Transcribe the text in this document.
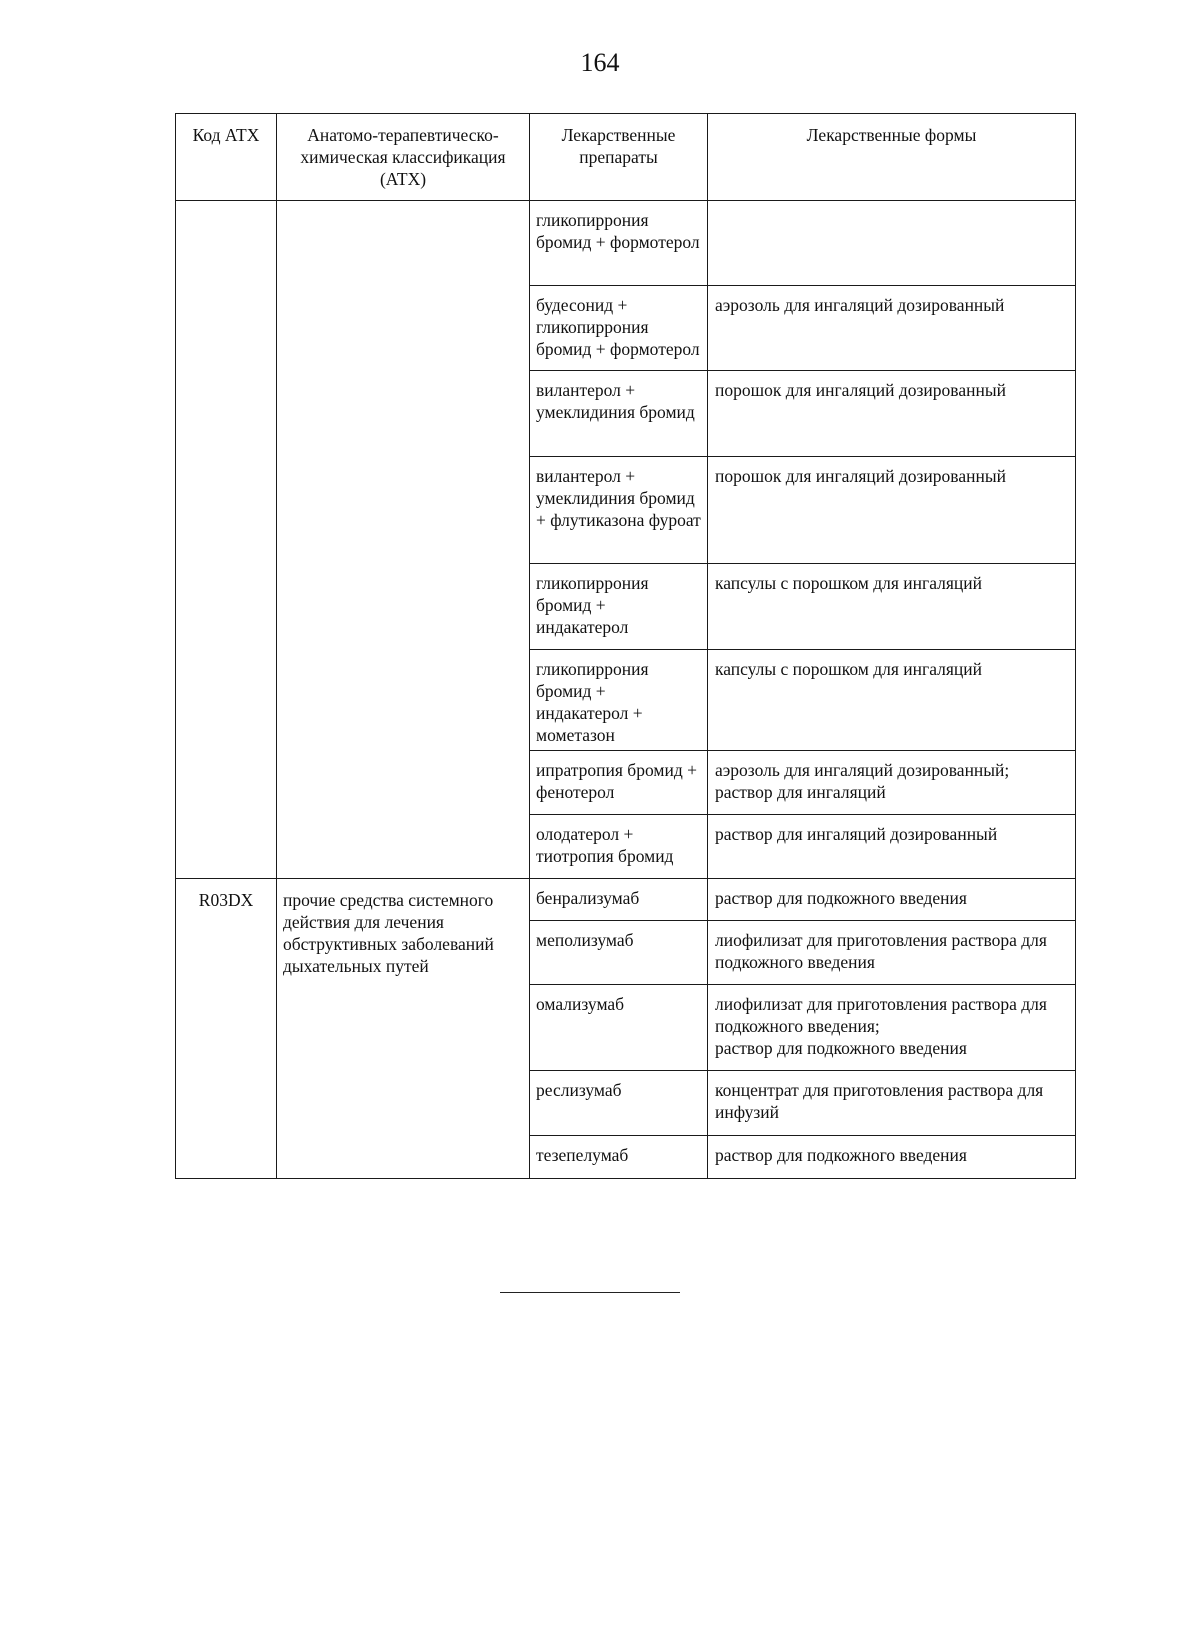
164
Код АТХ	Анатомо-терапевтическо-химическая классификация (АТХ)	Лекарственные препараты	Лекарственные формы
		гликопиррония бромид + формотерол	
		будесонид + гликопиррония бромид + формотерол	аэрозоль для ингаляций дозированный
		вилантерол + умеклидиния бромид	порошок для ингаляций дозированный
		вилантерол + умеклидиния бромид + флутиказона фуроат	порошок для ингаляций дозированный
		гликопиррония бромид + индакатерол	капсулы с порошком для ингаляций
		гликопиррония бромид + индакатерол + мометазон	капсулы с порошком для ингаляций
		ипратропия бромид + фенотерол	аэрозоль для ингаляций дозированный;
раствор для ингаляций
		олодатерол + тиотропия бромид	раствор для ингаляций дозированный
R03DX	прочие средства системного действия для лечения обструктивных заболеваний дыхательных путей	бенрализумаб	раствор для подкожного введения
		меполизумаб	лиофилизат для приготовления раствора для подкожного введения
		омализумаб	лиофилизат для приготовления раствора для подкожного введения;
раствор для подкожного введения
		реслизумаб	концентрат для приготовления раствора для инфузий
		тезепелумаб	раствор для подкожного введения
